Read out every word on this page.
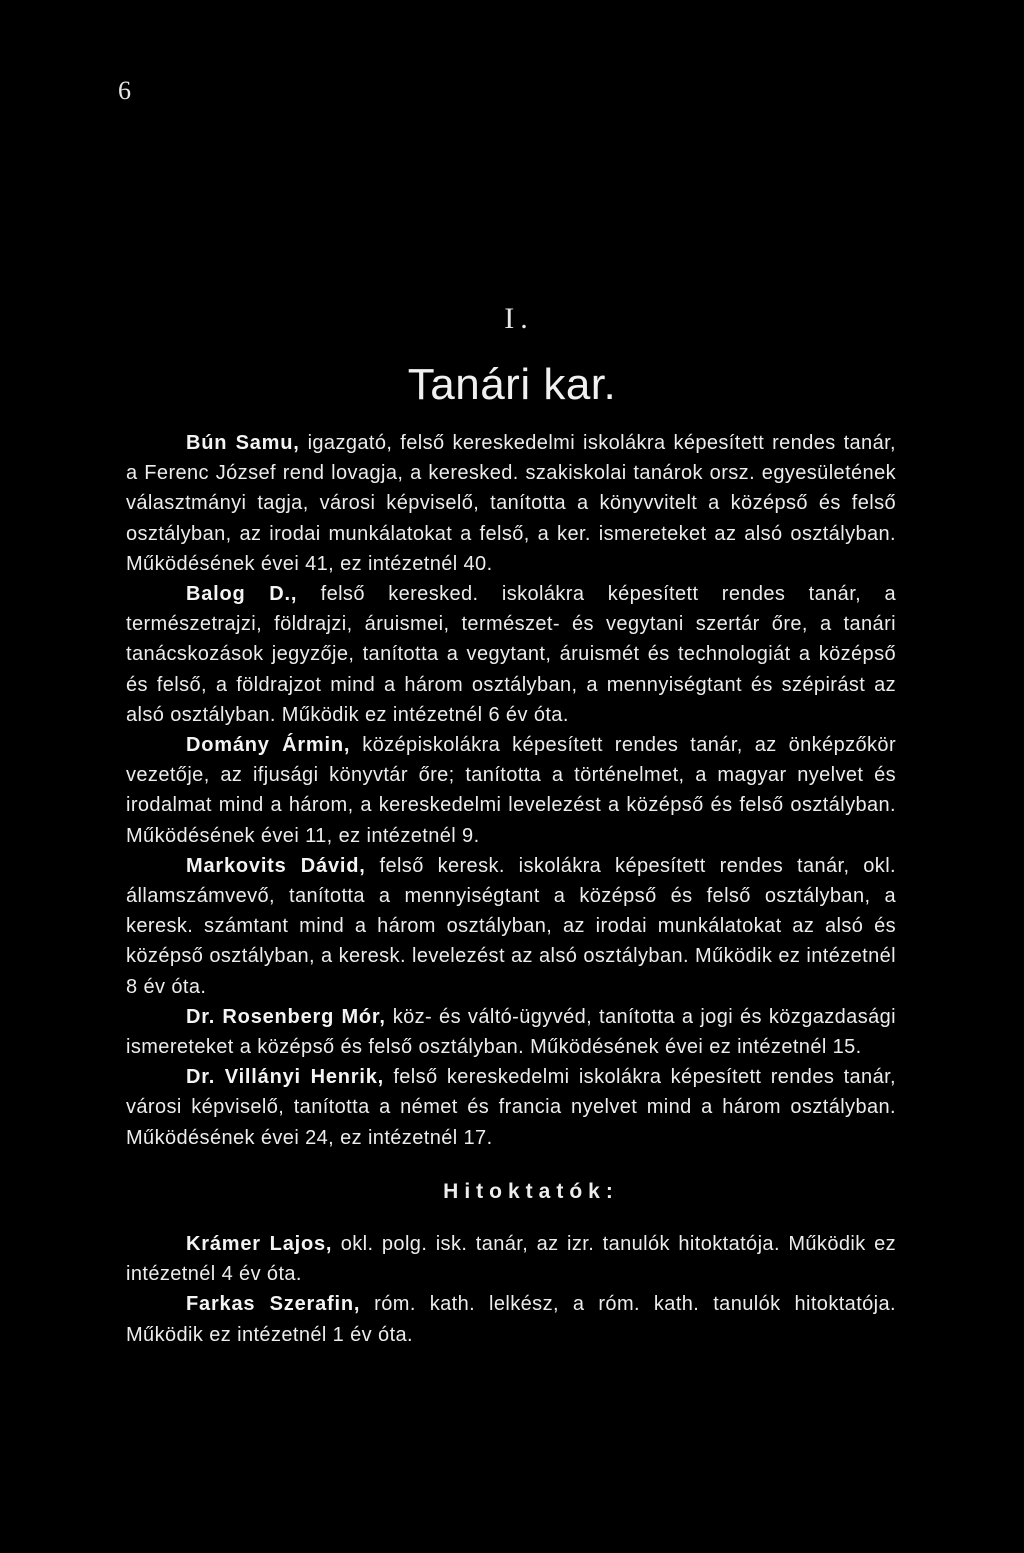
6
I.
Tanári kar.

Bún Samu, igazgató, felső kereskedelmi iskolákra képesített rendes tanár, a Ferenc József rend lovagja, a keresked. szakiskolai tanárok orsz. egyesületének választmányi tagja, városi képviselő, tanította a könyvvitelt a középső és felső osztályban, az irodai munkálatokat a felső, a ker. ismereteket az alsó osztályban. Működésének évei 41, ez intézetnél 40.

Balog D., felső keresked. iskolákra képesített rendes tanár, a természetrajzi, földrajzi, áruismei, természet- és vegytani szertár őre, a tanári tanácskozások jegyzője, tanította a vegytant, áruismét és technologiát a középső és felső, a földrajzot mind a három osztályban, a mennyiségtant és szépirást az alsó osztályban. Működik ez intézetnél 6 év óta.

Domány Ármin, középiskolákra képesített rendes tanár, az önképzőkör vezetője, az ifjusági könyvtár őre; tanította a történelmet, a magyar nyelvet és irodalmat mind a három, a kereskedelmi levelezést a középső és felső osztályban. Működésének évei 11, ez intézetnél 9.

Markovits Dávid, felső keresk. iskolákra képesített rendes tanár, okl. államszámvevő, tanította a mennyiségtant a középső és felső osztályban, a keresk. számtant mind a három osztályban, az irodai munkálatokat az alsó és középső osztályban, a keresk. levelezést az alsó osztályban. Működik ez intézetnél 8 év óta.

Dr. Rosenberg Mór, köz- és váltó-ügyvéd, tanította a jogi és közgazdasági ismereteket a középső és felső osztályban. Működésének évei ez intézetnél 15.

Dr. Villányi Henrik, felső kereskedelmi iskolákra képesített rendes tanár, városi képviselő, tanította a német és francia nyelvet mind a három osztályban. Működésének évei 24, ez intézetnél 17.

Hitoktatók:

Krámer Lajos, okl. polg. isk. tanár, az izr. tanulók hitoktatója. Működik ez intézetnél 4 év óta.

Farkas Szerafin, róm. kath. lelkész, a róm. kath. tanulók hitoktatója. Működik ez intézetnél 1 év óta.
